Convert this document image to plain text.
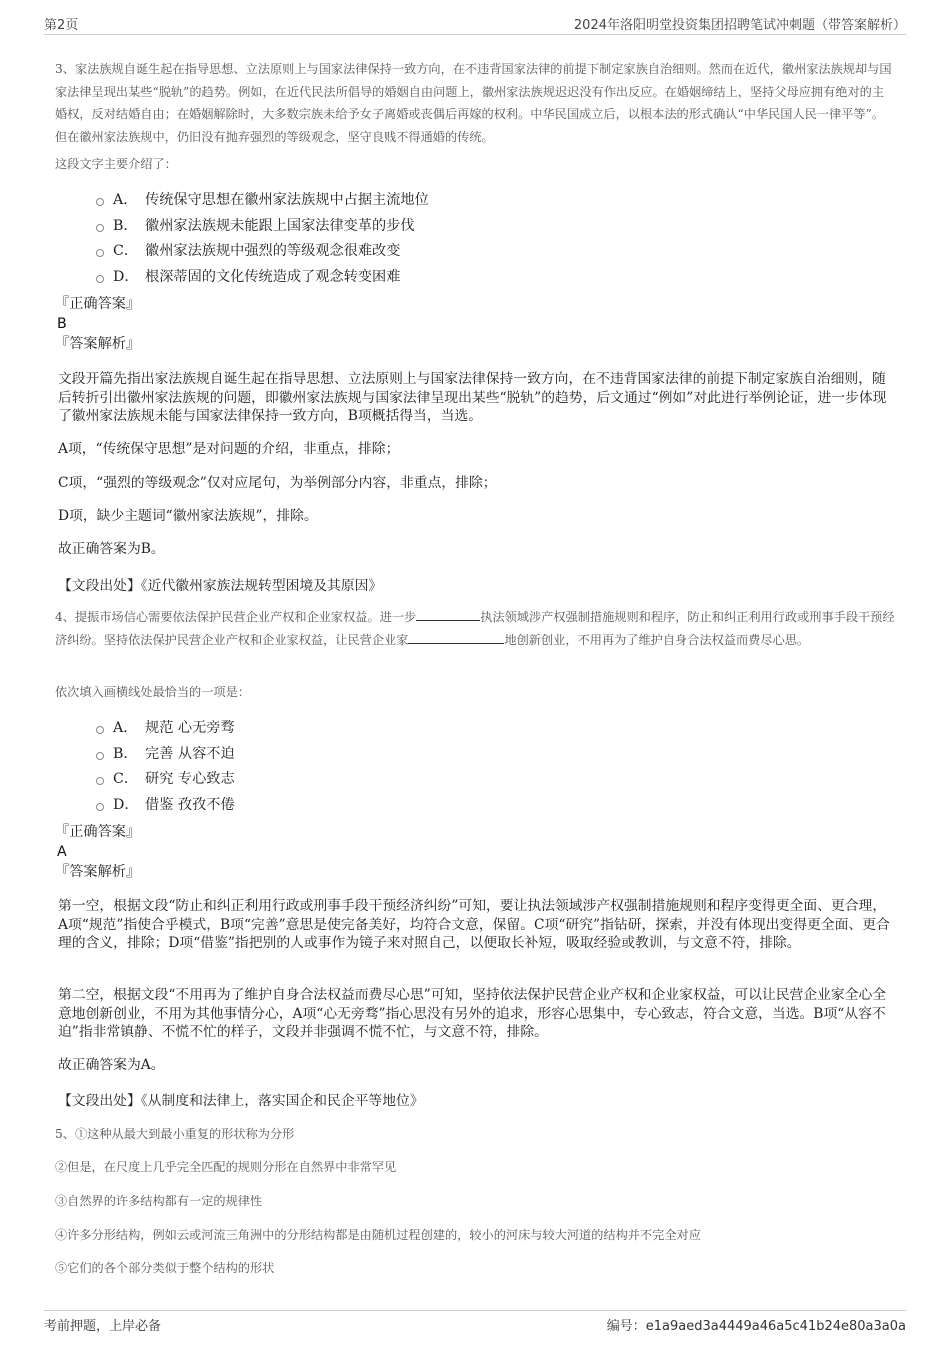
第2页	2024年洛阳明堂投资集团招聘笔试冲刺题（带答案解析）
3、家法族规自诞生起在指导思想、立法原则上与国家法律保持一致方向，在不违背国家法律的前提下制定家族自治细则。然而在近代，徽州家法族规却与国家法律呈现出某些“脱轨”的趋势。例如，在近代民法所倡导的婚姻自由问题上，徽州家法族规迟迟没有作出反应。在婚姻缔结上，坚持父母应拥有绝对的主婚权，反对结婚自由；在婚姻解除时，大多数宗族未给予女子离婚或丧偶后再嫁的权利。中华民国成立后，以根本法的形式确认“中华民国人民一律平等”。但在徽州家法族规中，仍旧没有抛弃强烈的等级观念，坚守良贱不得通婚的传统。
这段文字主要介绍了：
A． 传统保守思想在徽州家法族规中占据主流地位
B． 徽州家法族规未能跟上国家法律变革的步伐
C． 徽州家法族规中强烈的等级观念很难改变
D． 根深蒂固的文化传统造成了观念转变困难
『正确答案』
B
『答案解析』
文段开篇先指出家法族规自诞生起在指导思想、立法原则上与国家法律保持一致方向，在不违背国家法律的前提下制定家族自治细则，随后转折引出徽州家法族规的问题，即徽州家法族规与国家法律呈现出某些“脱轨”的趋势，后文通过“例如”对此进行举例论证，进一步体现了徽州家法族规未能与国家法律保持一致方向，B项概括得当，当选。
A项，“传统保守思想”是对问题的介绍，非重点，排除；
C项，“强烈的等级观念”仅对应尾句，为举例部分内容，非重点，排除；
D项，缺少主题词“徽州家法族规”，排除。
故正确答案为B。
【文段出处】《近代徽州家族法规转型困境及其原因》
4、提振市场信心需要依法保护民营企业产权和企业家权益。进一步	执法领域涉产权强制措施规则和程序，防止和纠正利用行政或刑事手段干预经济纠纷。坚持依法保护民营企业产权和企业家权益，让民营企业家	地创新创业，不用再为了维护自身合法权益而费尽心思。
依次填入画横线处最恰当的一项是：
A． 规范 心无旁骛
B． 完善 从容不迫
C． 研究 专心致志
D． 借鉴 孜孜不倦
『正确答案』
A
『答案解析』
第一空，根据文段“防止和纠正利用行政或刑事手段干预经济纠纷”可知，要让执法领域涉产权强制措施规则和程序变得更全面、更合理，A项“规范”指使合乎模式，B项“完善”意思是使完备美好，均符合文意，保留。C项“研究”指钻研，探索，并没有体现出变得更全面、更合理的含义，排除；D项“借鉴”指把别的人或事作为镜子来对照自己，以便取长补短，吸取经验或教训，与文意不符，排除。
第二空，根据文段“不用再为了维护自身合法权益而费尽心思”可知，坚持依法保护民营企业产权和企业家权益，可以让民营企业家全心全意地创新创业，不用为其他事情分心，A项“心无旁骛”指心思没有另外的追求，形容心思集中，专心致志，符合文意，当选。B项“从容不迫”指非常镇静、不慌不忙的样子，文段并非强调不慌不忙，与文意不符，排除。
故正确答案为A。
【文段出处】《从制度和法律上，落实国企和民企平等地位》
5、①这种从最大到最小重复的形状称为分形
②但是，在尺度上几乎完全匹配的规则分形在自然界中非常罕见
③自然界的许多结构都有一定的规律性
④许多分形结构，例如云或河流三角洲中的分形结构都是由随机过程创建的，较小的河床与较大河道的结构并不完全对应
⑤它们的各个部分类似于整个结构的形状
考前押题，上岸必备	编号：e1a9aed3a4449a46a5c41b24e80a3a0a
